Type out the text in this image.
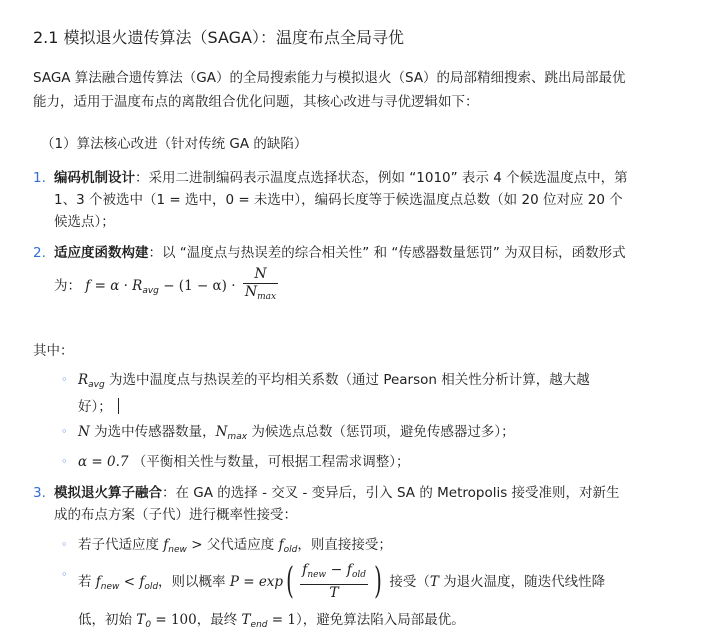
2.1 模拟退火遗传算法（SAGA）：温度布点全局寻优
SAGA 算法融合遗传算法（GA）的全局搜索能力与模拟退火（SA）的局部精细搜索、跳出局部最优
能力，适用于温度布点的离散组合优化问题，其核心改进与寻优逻辑如下：
（1）算法核心改进（针对传统 GA 的缺陷）
1. 编码机制设计：采用二进制编码表示温度点选择状态，例如 “1010” 表示 4 个候选温度点中，第
1、3 个被选中（1 = 选中，0 = 未选中），编码长度等于候选温度点总数（如 20 位对应 20 个
候选点）；
2. 适应度函数构建：以 “温度点与热误差的综合相关性” 和 “传感器数量惩罚” 为双目标，函数形式
为： $f = \alpha \cdot R_{avg} - (1 - \alpha) \cdot \frac{N}{N_{max}}$
其中：
◦ $R_{avg}$ 为选中温度点与热误差的平均相关系数（通过 Pearson 相关性分析计算，越大越
好）；
◦ N 为选中传感器数量，$N_{max}$ 为候选点总数（惩罚项，避免传感器过多）；
◦ α = 0.7 （平衡相关性与数量，可根据工程需求调整）；
3. 模拟退火算子融合：在 GA 的选择 - 交叉 - 变异后，引入 SA 的 Metropolis 接受准则，对新生
成的布点方案（子代）进行概率性接受：
◦ 若子代适应度 $f_{new}$ > 父代适应度 $f_{old}$，则直接接受；
◦ 若 $f_{new} < f_{old}$，则以概率 $P = \exp( \frac{f_{new} - f_{old}}{T}$ ) 接受（T 为退火温度，随迭代线性降
低，初始 $T_0 = 100$，最终 $T_{end} = 1$），避免算法陷入局部最优。
